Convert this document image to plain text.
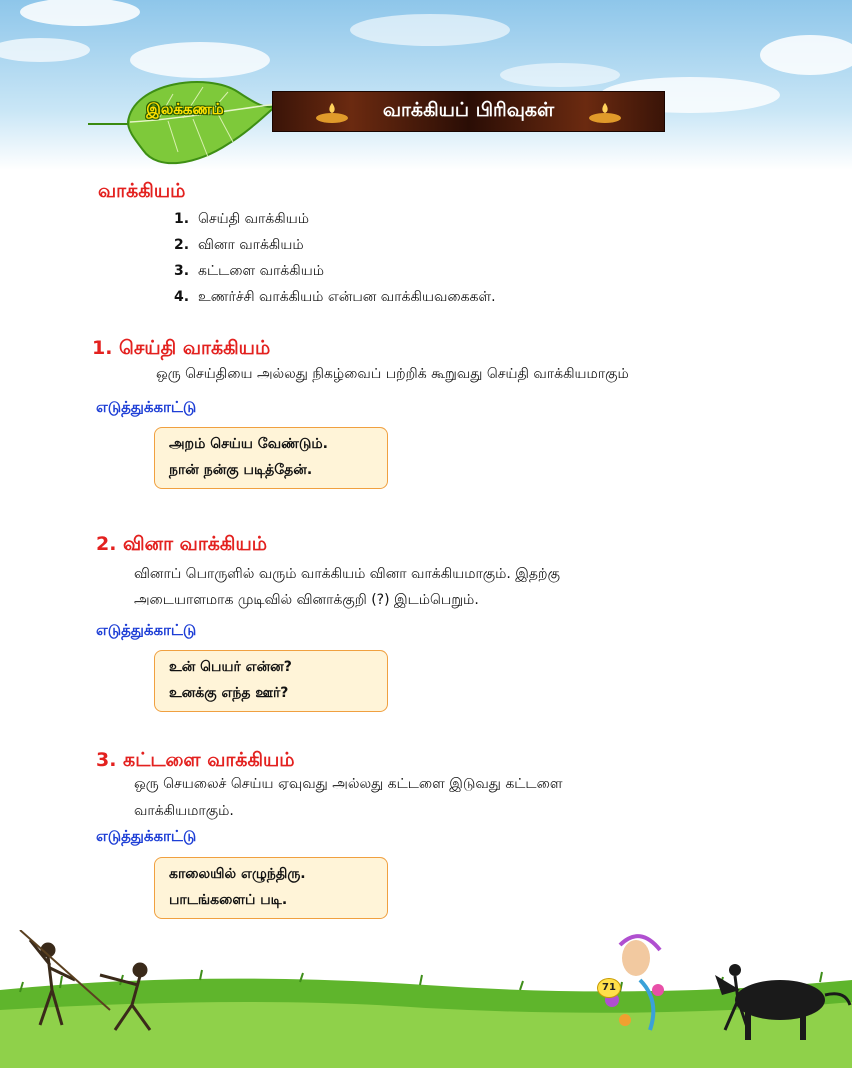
இலக்கணம்	வாக்கியப் பிரிவுகள்
வாக்கியம்
1. செய்தி வாக்கியம்
2. வினா வாக்கியம்
3. கட்டளை வாக்கியம்
4. உணர்ச்சி வாக்கியம் என்பன வாக்கியவகைகள்.
1. செய்தி வாக்கியம்
ஒரு செய்தியை அல்லது நிகழ்வைப் பற்றிக் கூறுவது செய்தி வாக்கியமாகும்
எடுத்துக்காட்டு
அறம் செய்ய வேண்டும்.
நான் நன்கு படித்தேன்.
2. வினா வாக்கியம்
வினாப் பொருளில் வரும் வாக்கியம் வினா வாக்கியமாகும். இதற்கு
அடையாளமாக முடிவில் வினாக்குறி (?) இடம்பெறும்.
எடுத்துக்காட்டு
உன் பெயர் என்ன?
உனக்கு எந்த ஊர்?
3. கட்டளை வாக்கியம்
ஒரு செயலைச் செய்ய ஏவுவது அல்லது கட்டளை இடுவது கட்டளை
வாக்கியமாகும்.
எடுத்துக்காட்டு
காலையில் எழுந்திரு.
பாடங்களைப் படி.
71
